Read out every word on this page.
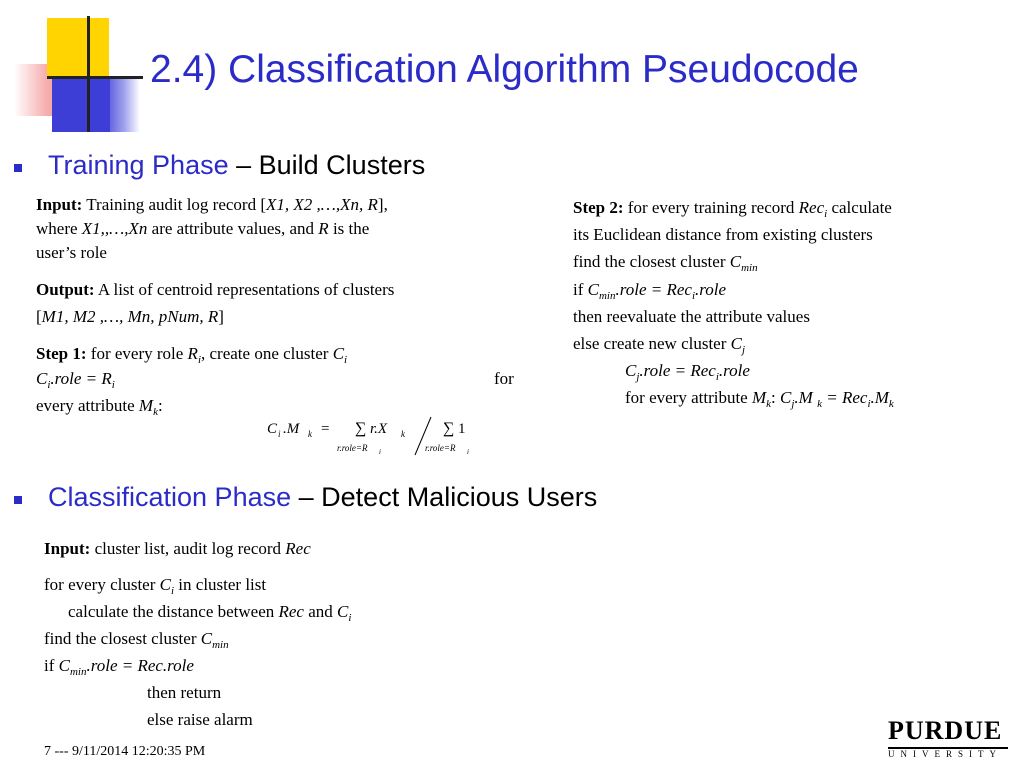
2.4) Classification Algorithm Pseudocode
Training Phase – Build Clusters
Input: Training audit log record [X1, X2 ,…,Xn, R],
where X1,,…,Xn are attribute values, and R is the
user’s role
Output: A list of centroid representations of clusters
[M1, M2 ,…, Mn, pNum, R]
Step 1: for every role $R_i$, create one cluster $C_i$
$C_i.role = R_i$	for
every attribute $M_k$:
C i .M k = ∑ r.X k
r.role=R i
∑ 1
r.role=R i
Step 2: for every training record Rec$_i$ calculate
its Euclidean distance from existing clusters
find the closest cluster $C_{min}$
if $C_{min}.role$ = Rec$_i$.role
then reevaluate the attribute values
else create new cluster $C_j$
$C_j.role$ = Rec$_i$.role
for every attribute $M_k$: $C_j.M$ $_k = Rec_i.M_k$
Classification Phase – Detect Malicious Users
Input: cluster list, audit log record Rec
for every cluster $C_i$ in cluster list
calculate the distance between Rec and $C_i$
find the closest cluster $C_{min}$
if $C_{min}.role$ = Rec.role
then return
else raise alarm
7 --- 9/11/2014 12:20:35 PM
PURDUE
UNIVERSITY
